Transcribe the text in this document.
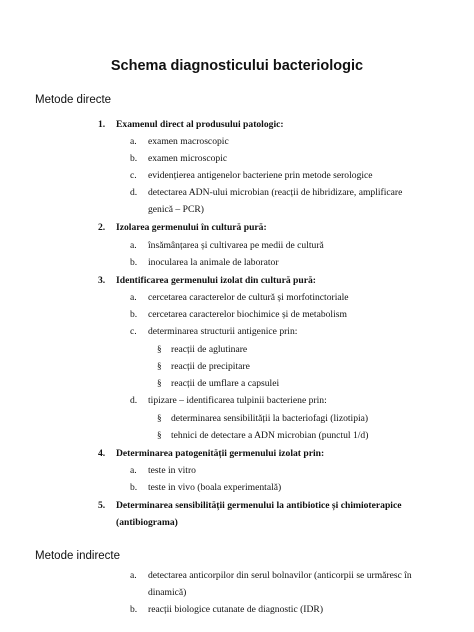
Schema diagnosticului bacteriologic
Metode directe
1. Examenul direct al produsului patologic:
a. examen macroscopic
b. examen microscopic
c. evidențierea antigenelor bacteriene prin metode serologice
d. detectarea ADN-ului microbian (reacții de hibridizare, amplificare
genică – PCR)
2. Izolarea germenului în cultură pură:
a. însămânțarea și cultivarea pe medii de cultură
b. inocularea la animale de laborator
3. Identificarea germenului izolat din cultură pură:
a. cercetarea caracterelor de cultură și morfotinctoriale
b. cercetarea caracterelor biochimice și de metabolism
c. determinarea structurii antigenice prin:
§ reacții de aglutinare
§ reacții de precipitare
§ reacții de umflare a capsulei
d. tipizare – identificarea tulpinii bacteriene prin:
§ determinarea sensibilității la bacteriofagi (lizotipia)
§ tehnici de detectare a ADN microbian (punctul 1/d)
4. Determinarea patogenității germenului izolat prin:
a. teste in vitro
b. teste in vivo (boala experimentală)
5. Determinarea sensibilității germenului la antibiotice și chimioterapice
(antibiograma)
Metode indirecte
a. detectarea anticorpilor din serul bolnavilor (anticorpii se urmăresc în
dinamică)
b. reacții biologice cutanate de diagnostic (IDR)
